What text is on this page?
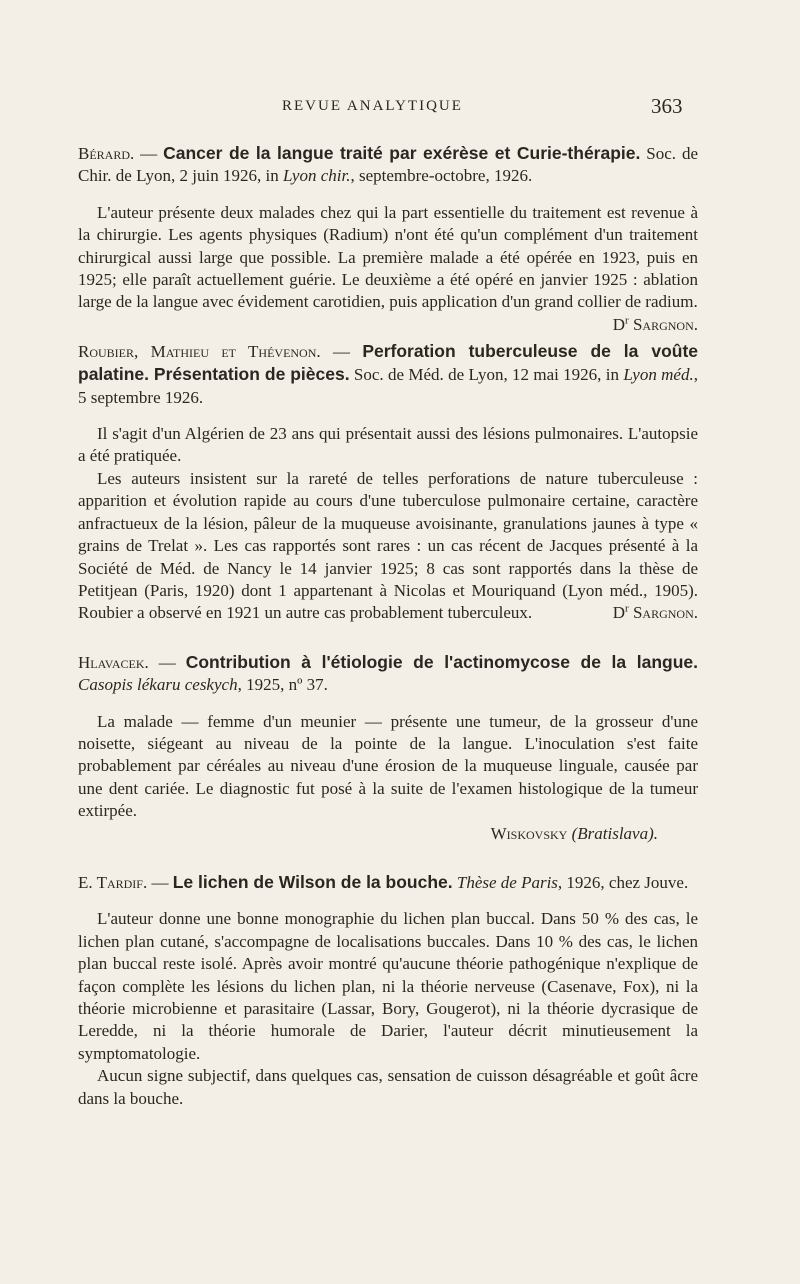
REVUE ANALYTIQUE	363

Bérard. — Cancer de la langue traité par exérèse et Curie-thérapie. Soc. de Chir. de Lyon, 2 juin 1926, in Lyon chir., septembre-octobre, 1926.

L'auteur présente deux malades chez qui la part essentielle du traitement est revenue à la chirurgie. Les agents physiques (Radium) n'ont été qu'un complément d'un traitement chirurgical aussi large que possible. La première malade a été opérée en 1923, puis en 1925; elle paraît actuellement guérie. Le deuxième a été opéré en janvier 1925 : ablation large de la langue avec évidement carotidien, puis application d'un grand collier de radium.
$D^r$ Sargnon.

Roubier, Mathieu et Thévenon. — Perforation tuberculeuse de la voûte palatine. Présentation de pièces. Soc. de Méd. de Lyon, 12 mai 1926, in Lyon méd., 5 septembre 1926.

Il s'agit d'un Algérien de 23 ans qui présentait aussi des lésions pulmonaires. L'autopsie a été pratiquée.

Les auteurs insistent sur la rareté de telles perforations de nature tuberculeuse : apparition et évolution rapide au cours d'une tuberculose pulmonaire certaine, caractère anfractueux de la lésion, pâleur de la muqueuse avoisinante, granulations jaunes à type « grains de Trelat ». Les cas rapportés sont rares : un cas récent de Jacques présenté à la Société de Méd. de Nancy le 14 janvier 1925; 8 cas sont rapportés dans la thèse de Petitjean (Paris, 1920) dont 1 appartenant à Nicolas et Mouriquand (Lyon méd., 1905). Roubier a observé en 1921 un autre cas probablement tuberculeux.	$D^r$ Sargnon.

Hlavacek. — Contribution à l'étiologie de l'actinomycose de la langue. Casopis lékaru ceskych, 1925, nº 37.

La malade — femme d'un meunier — présente une tumeur, de la grosseur d'une noisette, siégeant au niveau de la pointe de la langue. L'inoculation s'est faite probablement par céréales au niveau d'une érosion de la muqueuse linguale, causée par une dent cariée. Le diagnostic fut posé à la suite de l'examen histologique de la tumeur extirpée.

Wiskovsky (Bratislava).

E. Tardif. — Le lichen de Wilson de la bouche. Thèse de Paris, 1926, chez Jouve.

L'auteur donne une bonne monographie du lichen plan buccal. Dans 50 % des cas, le lichen plan cutané, s'accompagne de localisations buccales. Dans 10 % des cas, le lichen plan buccal reste isolé. Après avoir montré qu'aucune théorie pathogénique n'explique de façon complète les lésions du lichen plan, ni la théorie nerveuse (Casenave, Fox), ni la théorie microbienne et parasitaire (Lassar, Bory, Gougerot), ni la théorie dycrasique de Leredde, ni la théorie humorale de Darier, l'auteur décrit minutieusement la symptomatologie.

Aucun signe subjectif, dans quelques cas, sensation de cuisson désagréable et goût âcre dans la bouche.
